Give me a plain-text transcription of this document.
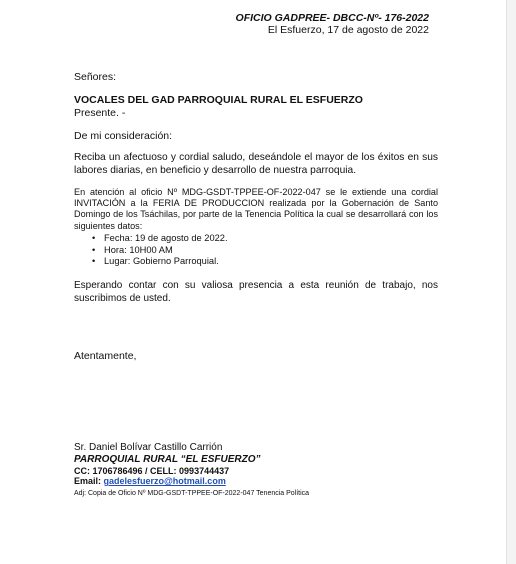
OFICIO GADPREE- DBCC-Nº- 176-2022
El Esfuerzo, 17 de agosto de 2022
Señores:
VOCALES DEL GAD PARROQUIAL RURAL EL ESFUERZO
Presente. -
De mi consideración:
Reciba un afectuoso y cordial saludo, deseándole el mayor de los éxitos en sus labores diarias, en beneficio y desarrollo de nuestra parroquia.
En atención al oficio Nº MDG-GSDT-TPPEE-OF-2022-047 se le extiende una cordial INVITACIÓN a la FERIA DE PRODUCCION realizada por la Gobernación de Santo Domingo de los Tsáchilas, por parte de la Tenencia Política la cual se desarrollará con los siguientes datos:
• Fecha: 19 de agosto de 2022.
• Hora: 10H00 AM
• Lugar: Gobierno Parroquial.
Esperando contar con su valiosa presencia a esta reunión de trabajo, nos suscribimos de usted.
Atentamente,
Sr. Daniel Bolívar Castillo Carrión
PARROQUIAL RURAL “EL ESFUERZO”
CC: 1706786496 / CELL: 0993744437
Email: gadelesfuerzo@hotmail.com
Adj: Copia de Oficio Nº MDG-GSDT-TPPEE-OF-2022-047 Tenencia Política
